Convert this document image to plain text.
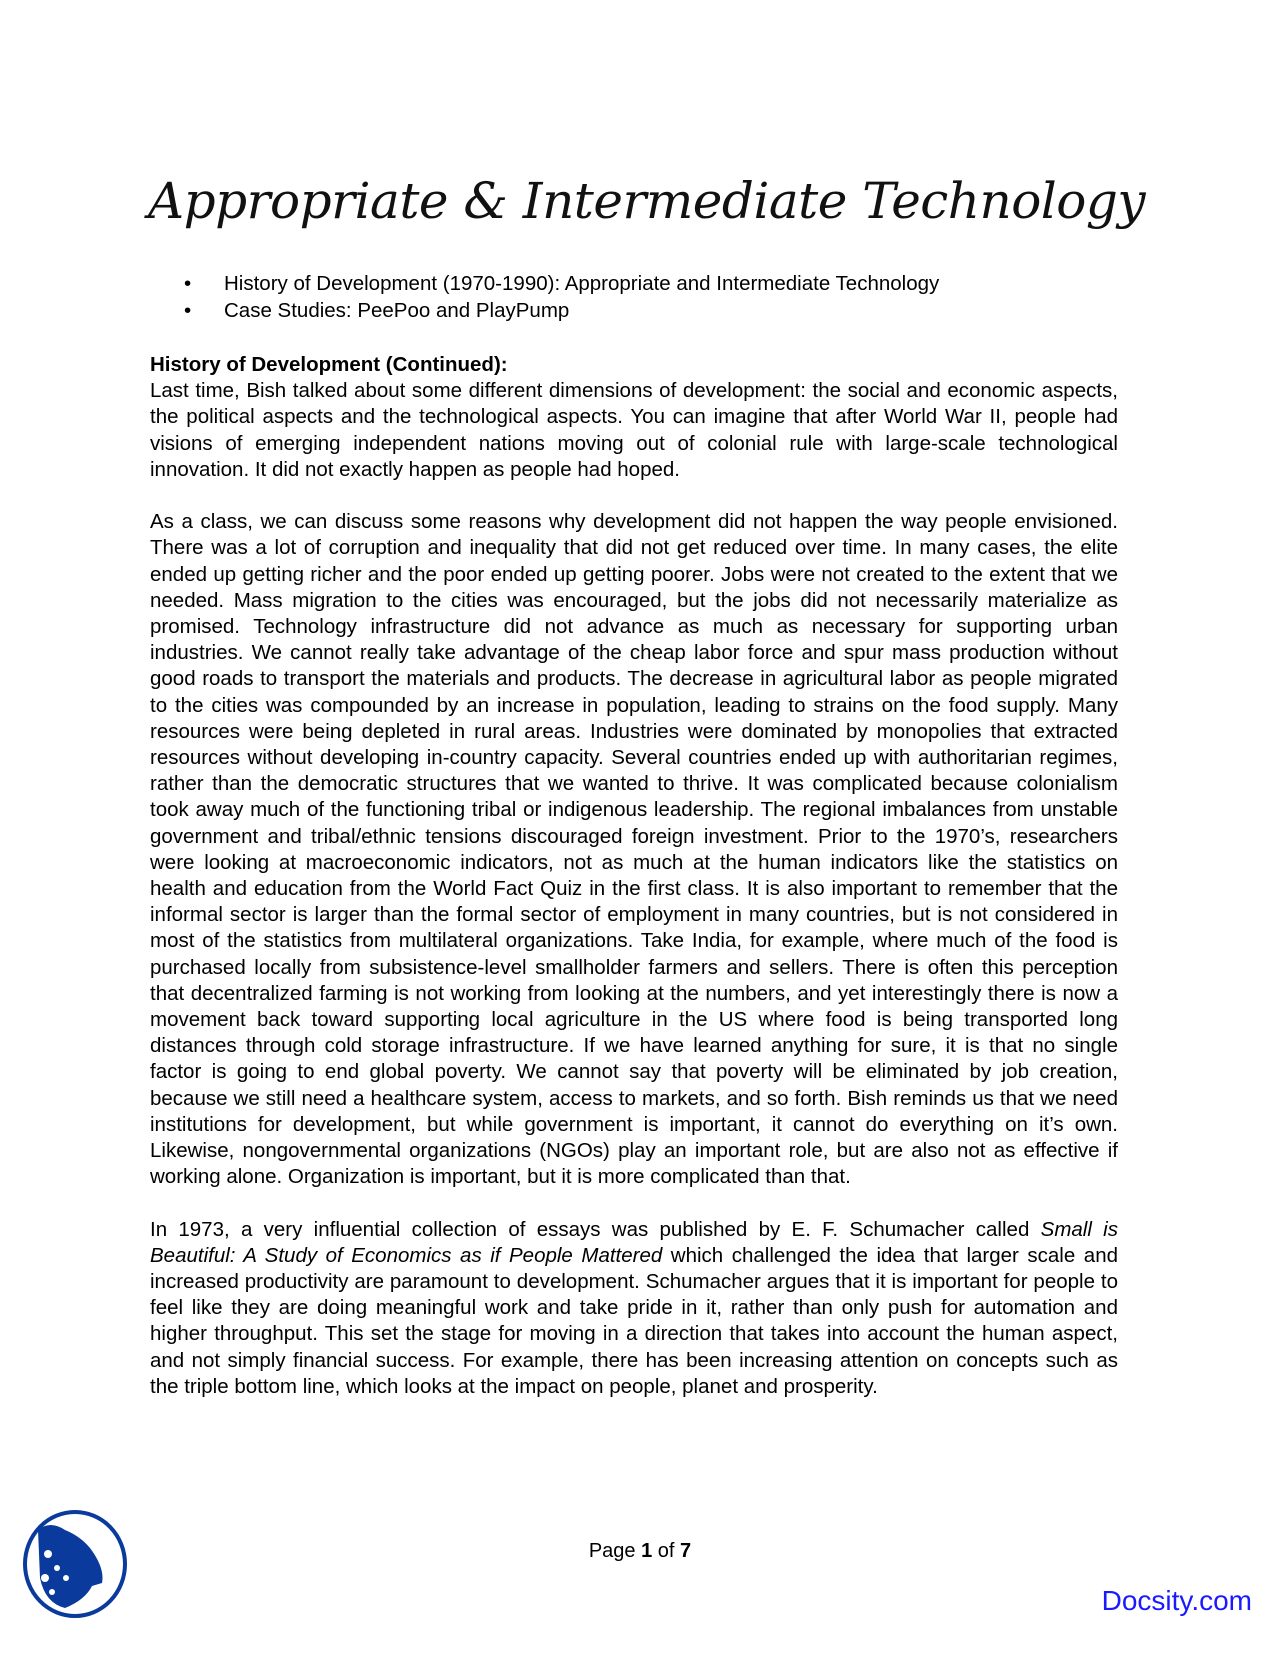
Appropriate & Intermediate Technology
• History of Development (1970-1990): Appropriate and Intermediate Technology
• Case Studies: PeePoo and PlayPump
History of Development (Continued):

Last time, Bish talked about some different dimensions of development: the social and economic aspects, the political aspects and the technological aspects. You can imagine that after World War II, people had visions of emerging independent nations moving out of colonial rule with large-scale technological innovation. It did not exactly happen as people had hoped.

As a class, we can discuss some reasons why development did not happen the way people envisioned. There was a lot of corruption and inequality that did not get reduced over time. In many cases, the elite ended up getting richer and the poor ended up getting poorer. Jobs were not created to the extent that we needed. Mass migration to the cities was encouraged, but the jobs did not necessarily materialize as promised. Technology infrastructure did not advance as much as necessary for supporting urban industries. We cannot really take advantage of the cheap labor force and spur mass production without good roads to transport the materials and products. The decrease in agricultural labor as people migrated to the cities was compounded by an increase in population, leading to strains on the food supply. Many resources were being depleted in rural areas. Industries were dominated by monopolies that extracted resources without developing in-country capacity. Several countries ended up with authoritarian regimes, rather than the democratic structures that we wanted to thrive. It was complicated because colonialism took away much of the functioning tribal or indigenous leadership. The regional imbalances from unstable government and tribal/ethnic tensions discouraged foreign investment. Prior to the 1970’s, researchers were looking at macroeconomic indicators, not as much at the human indicators like the statistics on health and education from the World Fact Quiz in the first class. It is also important to remember that the informal sector is larger than the formal sector of employment in many countries, but is not considered in most of the statistics from multilateral organizations. Take India, for example, where much of the food is purchased locally from subsistence-level smallholder farmers and sellers. There is often this perception that decentralized farming is not working from looking at the numbers, and yet interestingly there is now a movement back toward supporting local agriculture in the US where food is being transported long distances through cold storage infrastructure. If we have learned anything for sure, it is that no single factor is going to end global poverty. We cannot say that poverty will be eliminated by job creation, because we still need a healthcare system, access to markets, and so forth. Bish reminds us that we need institutions for development, but while government is important, it cannot do everything on it’s own. Likewise, nongovernmental organizations (NGOs) play an important role, but are also not as effective if working alone. Organization is important, but it is more complicated than that.

In 1973, a very influential collection of essays was published by E. F. Schumacher called Small is Beautiful: A Study of Economics as if People Mattered which challenged the idea that larger scale and increased productivity are paramount to development. Schumacher argues that it is important for people to feel like they are doing meaningful work and take pride in it, rather than only push for automation and higher throughput. This set the stage for moving in a direction that takes into account the human aspect, and not simply financial success. For example, there has been increasing attention on concepts such as the triple bottom line, which looks at the impact on people, planet and prosperity.

Page 1 of 7
Docsity.com
